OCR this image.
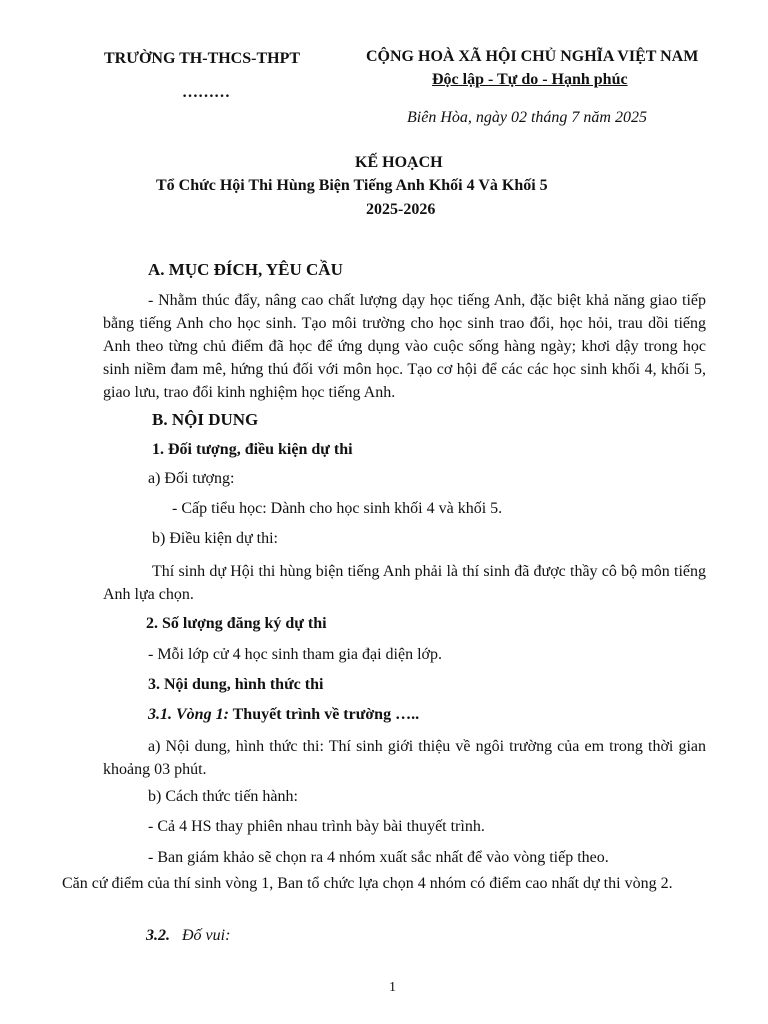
TRƯỜNG TH-THCS-THPT
………
CỘNG HOÀ XÃ HỘI CHỦ NGHĨA VIỆT NAM
Độc lập - Tự do - Hạnh phúc
Biên Hòa, ngày 02 tháng 7 năm 2025
KẾ HOẠCH
Tổ Chức Hội Thi Hùng Biện Tiếng Anh Khối 4 Và Khối 5
2025-2026
A. MỤC ĐÍCH, YÊU CẦU
- Nhằm thúc đẩy, nâng cao chất lượng dạy học tiếng Anh, đặc biệt khả năng giao tiếp bằng tiếng Anh cho học sinh. Tạo môi trường cho học sinh trao đổi, học hỏi, trau dồi tiếng Anh theo từng chủ điểm đã học để ứng dụng vào cuộc sống hàng ngày; khơi dậy trong học sinh niềm đam mê, hứng thú đối với môn học. Tạo cơ hội để các các học sinh khối 4, khối 5, giao lưu, trao đổi kinh nghiệm học tiếng Anh.
B. NỘI DUNG
1. Đối tượng, điều kiện dự thi
a) Đối tượng:
- Cấp tiểu học: Dành cho học sinh khối 4 và khối 5.
b) Điều kiện dự thi:
Thí sinh dự Hội thi hùng biện tiếng Anh phải là thí sinh đã được thầy cô bộ môn tiếng Anh lựa chọn.
2. Số lượng đăng ký dự thi
- Mỗi lớp cử 4 học sinh tham gia đại diện lớp.
3. Nội dung, hình thức thi
3.1. Vòng 1: Thuyết trình về trường …..
a) Nội dung, hình thức thi: Thí sinh giới thiệu về ngôi trường của em trong thời gian khoảng 03 phút.
b) Cách thức tiến hành:
- Cả 4 HS thay phiên nhau trình bày bài thuyết trình.
- Ban giám khảo sẽ chọn ra 4 nhóm xuất sắc nhất để vào vòng tiếp theo.
Căn cứ điểm của thí sinh vòng 1, Ban tổ chức lựa chọn 4 nhóm có điểm cao nhất dự thi vòng 2.
3.2. Đố vui:
1
